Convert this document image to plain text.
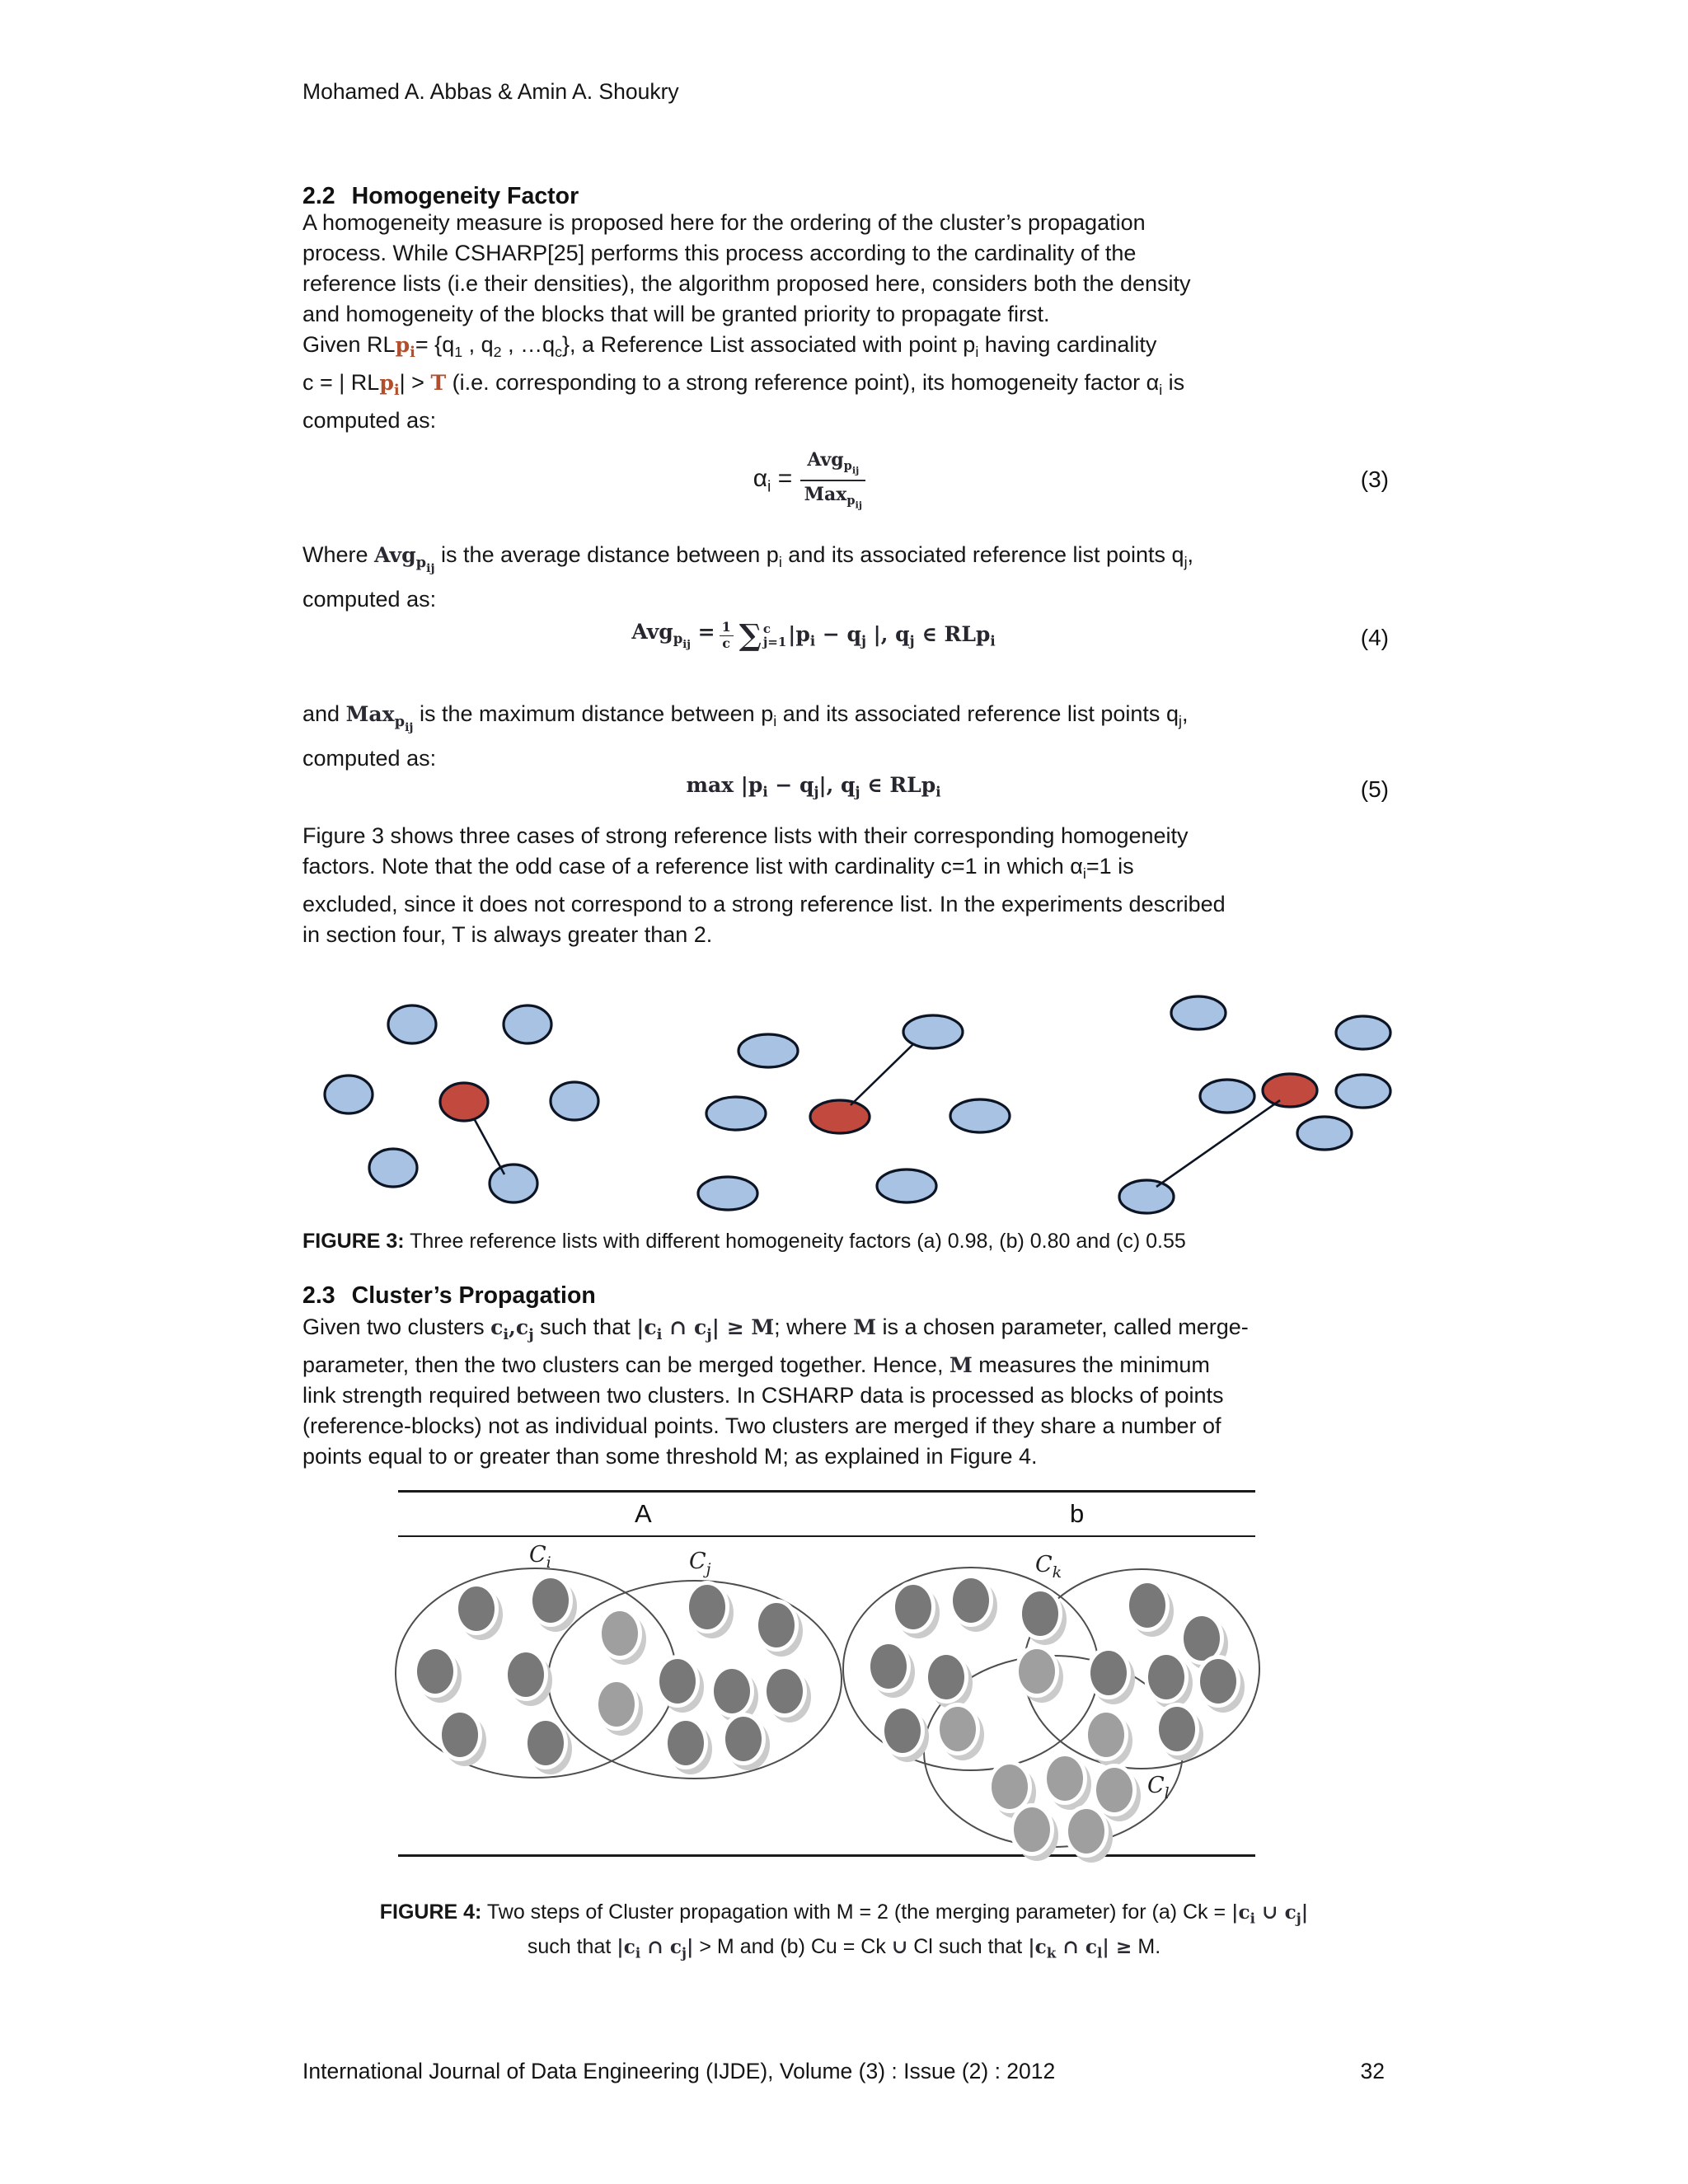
Mohamed A. Abbas & Amin A. Shoukry
2.2 Homogeneity Factor
A homogeneity measure is proposed here for the ordering of the cluster’s propagation
process. While CSHARP[25] performs this process according to the cardinality of the
reference lists (i.e their densities), the algorithm proposed here, considers both the density
and homogeneity of the blocks that will be granted priority to propagate first.
Given $RLp_i= \{q_1$ , $q_2$ , $\dots q_c$}, a Reference List associated with point $p_i$ having cardinality
c = | RLp$_i$| > T (i.e. corresponding to a strong reference point), its homogeneity factor $\alpha_i$ is
computed as:
$\alpha_i = \frac{Avg_{pij}}{Max_{pij}}$	(3)
Where Avg$_{pij}$ is the average distance between $p_i$ and its associated reference list points $q_j$,
computed as:
$Avg_{pij} = \frac{1}{c}$ ∑ c
j=1 $|p_i - q_j$ |, $q_j$ ∈ RLp$_i$	(4)
and Max$_{pij}$ is the maximum distance between $p_i$ and its associated reference list points $q_j$,
computed as:
$\max |p_i - q_j|$, $q_j$ ∈ RLp$_i$	(5)
Figure 3 shows three cases of strong reference lists with their corresponding homogeneity
factors. Note that the odd case of a reference list with cardinality c=1 in which $\alpha_i=1$ is
excluded, since it does not correspond to a strong reference list. In the experiments described
in section four, T is always greater than 2.
FIGURE 3: Three reference lists with different homogeneity factors (a) 0.98, (b) 0.80 and (c) 0.55
2.3 Cluster’s Propagation
Given two clusters $c_i,c_j$ such that $|c_i$ ∩ $c_j| \ge M$; where M is a chosen parameter, called merge-
parameter, then the two clusters can be merged together. Hence, M measures the minimum
link strength required between two clusters. In CSHARP data is processed as blocks of points
(reference-blocks) not as individual points. Two clusters are merged if they share a number of
points equal to or greater than some threshold M; as explained in Figure 4.
A	b
$C_i$	$C_j$	$C_k$
$C_l$
FIGURE 4: Two steps of Cluster propagation with M = 2 (the merging parameter) for (a) $Ck = |c_i$ ∪ $c_j|$
such that $|c_i$ ∩ $c_j| > M$ and (b) Cu = Ck ∪ Cl such that $|c_k$ ∩ $c_l| \ge M$.
International Journal of Data Engineering (IJDE), Volume (3) : Issue (2) : 2012	32
